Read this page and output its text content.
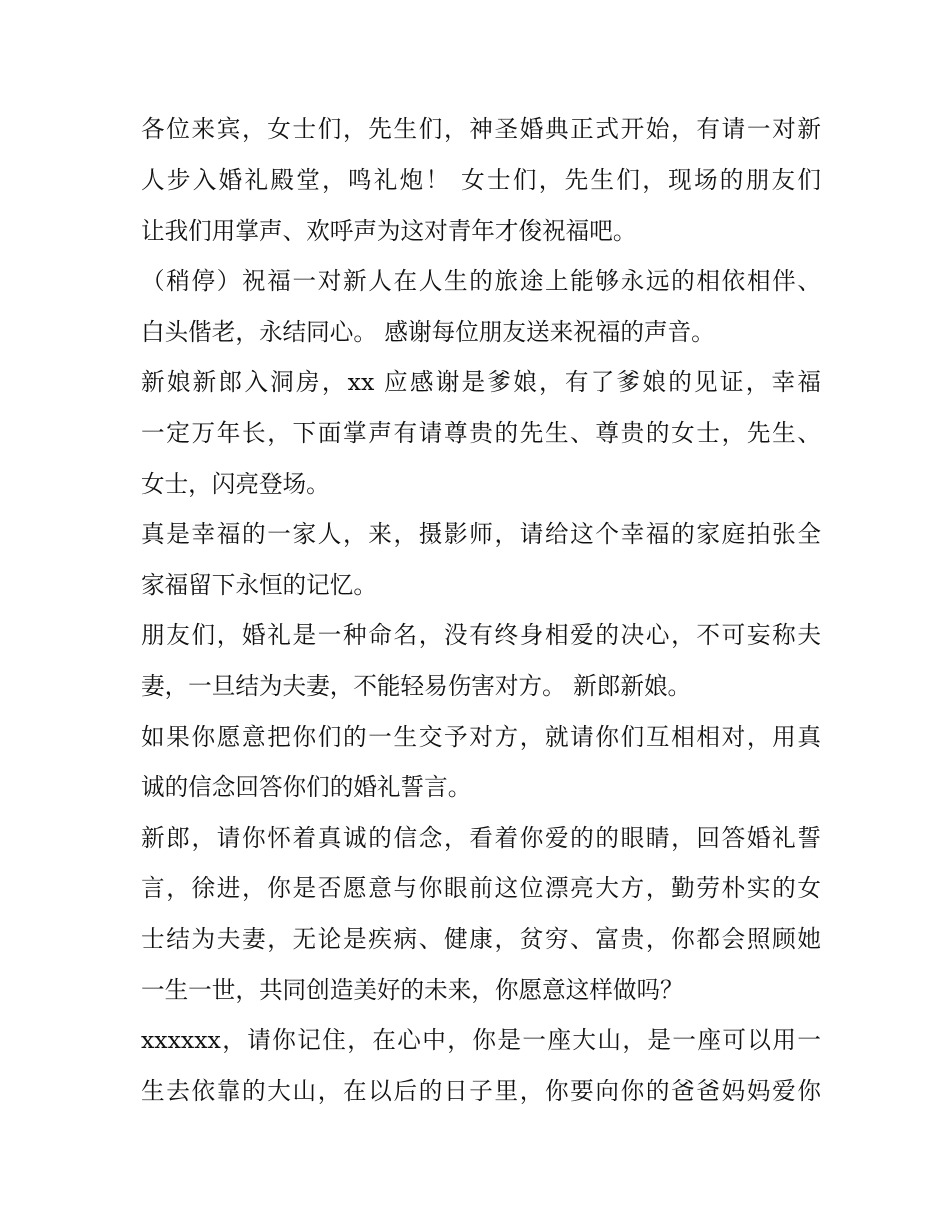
各位来宾，女士们，先生们，神圣婚典正式开始，有请一对新
人步入婚礼殿堂，鸣礼炮！ 女士们，先生们，现场的朋友们
让我们用掌声、欢呼声为这对青年才俊祝福吧。
（稍停）祝福一对新人在人生的旅途上能够永远的相依相伴、
白头偕老，永结同心。 感谢每位朋友送来祝福的声音。
新娘新郎入洞房，xx 应感谢是爹娘，有了爹娘的见证，幸福
一定万年长，下面掌声有请尊贵的先生、尊贵的女士，先生、
女士，闪亮登场。
真是幸福的一家人，来，摄影师，请给这个幸福的家庭拍张全
家福留下永恒的记忆。
朋友们，婚礼是一种命名，没有终身相爱的决心，不可妄称夫
妻，一旦结为夫妻，不能轻易伤害对方。 新郎新娘。
如果你愿意把你们的一生交予对方，就请你们互相相对，用真
诚的信念回答你们的婚礼誓言。
新郎，请你怀着真诚的信念，看着你爱的的眼睛，回答婚礼誓
言，徐进，你是否愿意与你眼前这位漂亮大方，勤劳朴实的女
士结为夫妻，无论是疾病、健康，贫穷、富贵，你都会照顾她
一生一世，共同创造美好的未来，你愿意这样做吗？
xxxxxx，请你记住，在心中，你是一座大山，是一座可以用一
生去依靠的大山，在以后的日子里，你要向你的爸爸妈妈爱你
